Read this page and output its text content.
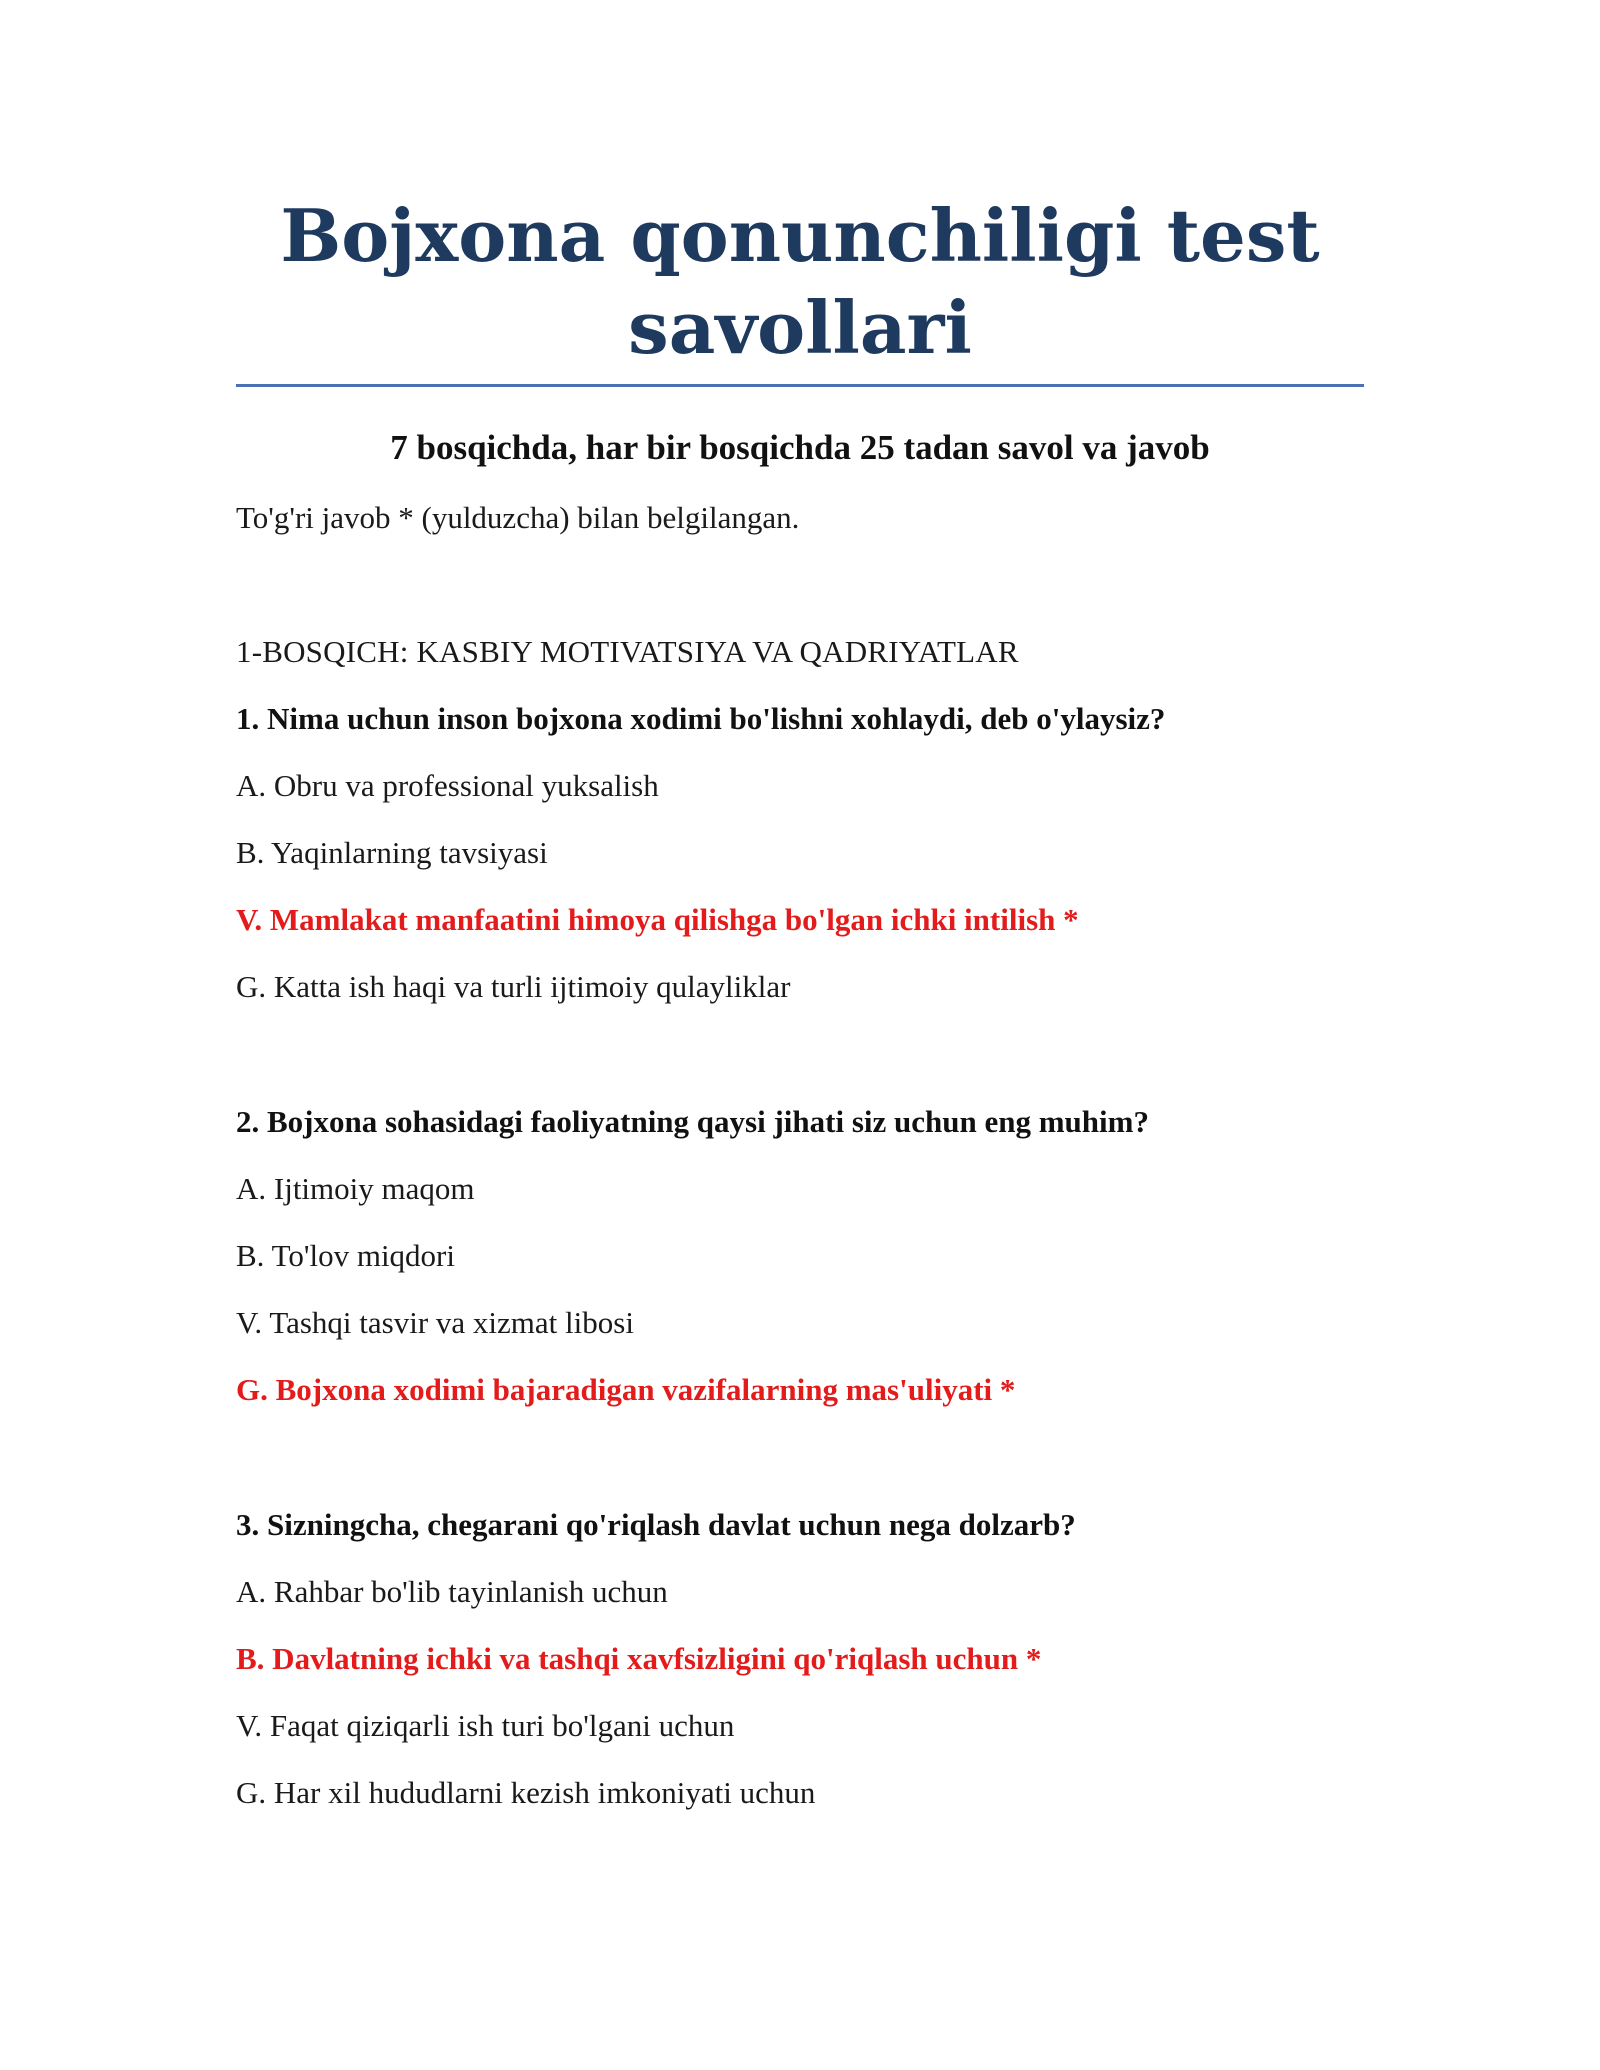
Bojxona qonunchiligi test savollari
7 bosqichda, har bir bosqichda 25 tadan savol va javob
To'g'ri javob * (yulduzcha) bilan belgilangan.
1-BOSQICH: KASBIY MOTIVATSIYA VA QADRIYATLAR
1. Nima uchun inson bojxona xodimi bo'lishni xohlaydi, deb o'ylaysiz?
A. Obru va professional yuksalish
B. Yaqinlarning tavsiyasi
V. Mamlakat manfaatini himoya qilishga bo'lgan ichki intilish *
G. Katta ish haqi va turli ijtimoiy qulayliklar
2. Bojxona sohasidagi faoliyatning qaysi jihati siz uchun eng muhim?
A. Ijtimoiy maqom
B. To'lov miqdori
V. Tashqi tasvir va xizmat libosi
G. Bojxona xodimi bajaradigan vazifalarning mas'uliyati *
3. Sizningcha, chegarani qo'riqlash davlat uchun nega dolzarb?
A. Rahbar bo'lib tayinlanish uchun
B. Davlatning ichki va tashqi xavfsizligini qo'riqlash uchun *
V. Faqat qiziqarli ish turi bo'lgani uchun
G. Har xil hududlarni kezish imkoniyati uchun
